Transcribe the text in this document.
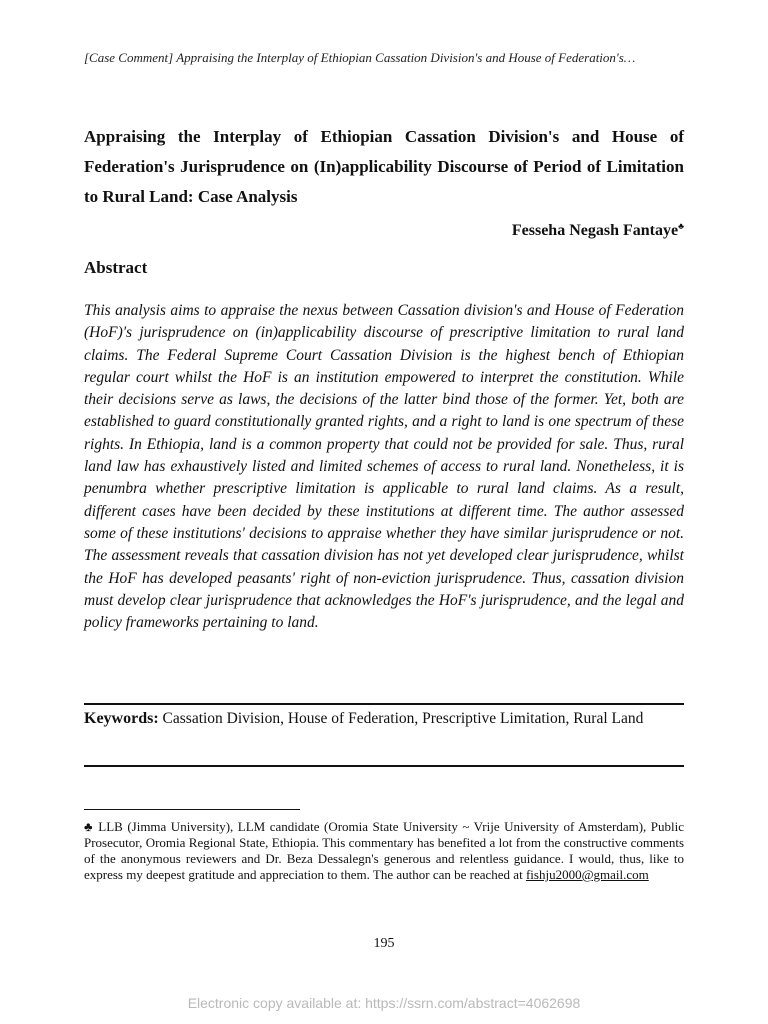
[Case Comment] Appraising the Interplay of Ethiopian Cassation Division's and House of Federation's…
Appraising the Interplay of Ethiopian Cassation Division's and House of Federation's Jurisprudence on (In)applicability Discourse of Period of Limitation to Rural Land: Case Analysis
Fesseha Negash Fantaye♣
Abstract
This analysis aims to appraise the nexus between Cassation division's and House of Federation (HoF)'s jurisprudence on (in)applicability discourse of prescriptive limitation to rural land claims. The Federal Supreme Court Cassation Division is the highest bench of Ethiopian regular court whilst the HoF is an institution empowered to interpret the constitution. While their decisions serve as laws, the decisions of the latter bind those of the former. Yet, both are established to guard constitutionally granted rights, and a right to land is one spectrum of these rights. In Ethiopia, land is a common property that could not be provided for sale. Thus, rural land law has exhaustively listed and limited schemes of access to rural land. Nonetheless, it is penumbra whether prescriptive limitation is applicable to rural land claims. As a result, different cases have been decided by these institutions at different time. The author assessed some of these institutions' decisions to appraise whether they have similar jurisprudence or not. The assessment reveals that cassation division has not yet developed clear jurisprudence, whilst the HoF has developed peasants' right of non-eviction jurisprudence. Thus, cassation division must develop clear jurisprudence that acknowledges the HoF's jurisprudence, and the legal and policy frameworks pertaining to land.
Keywords: Cassation Division, House of Federation, Prescriptive Limitation, Rural Land
♣ LLB (Jimma University), LLM candidate (Oromia State University ~ Vrije University of Amsterdam), Public Prosecutor, Oromia Regional State, Ethiopia. This commentary has benefited a lot from the constructive comments of the anonymous reviewers and Dr. Beza Dessalegn's generous and relentless guidance. I would, thus, like to express my deepest gratitude and appreciation to them. The author can be reached at fishju2000@gmail.com
195
Electronic copy available at: https://ssrn.com/abstract=4062698
